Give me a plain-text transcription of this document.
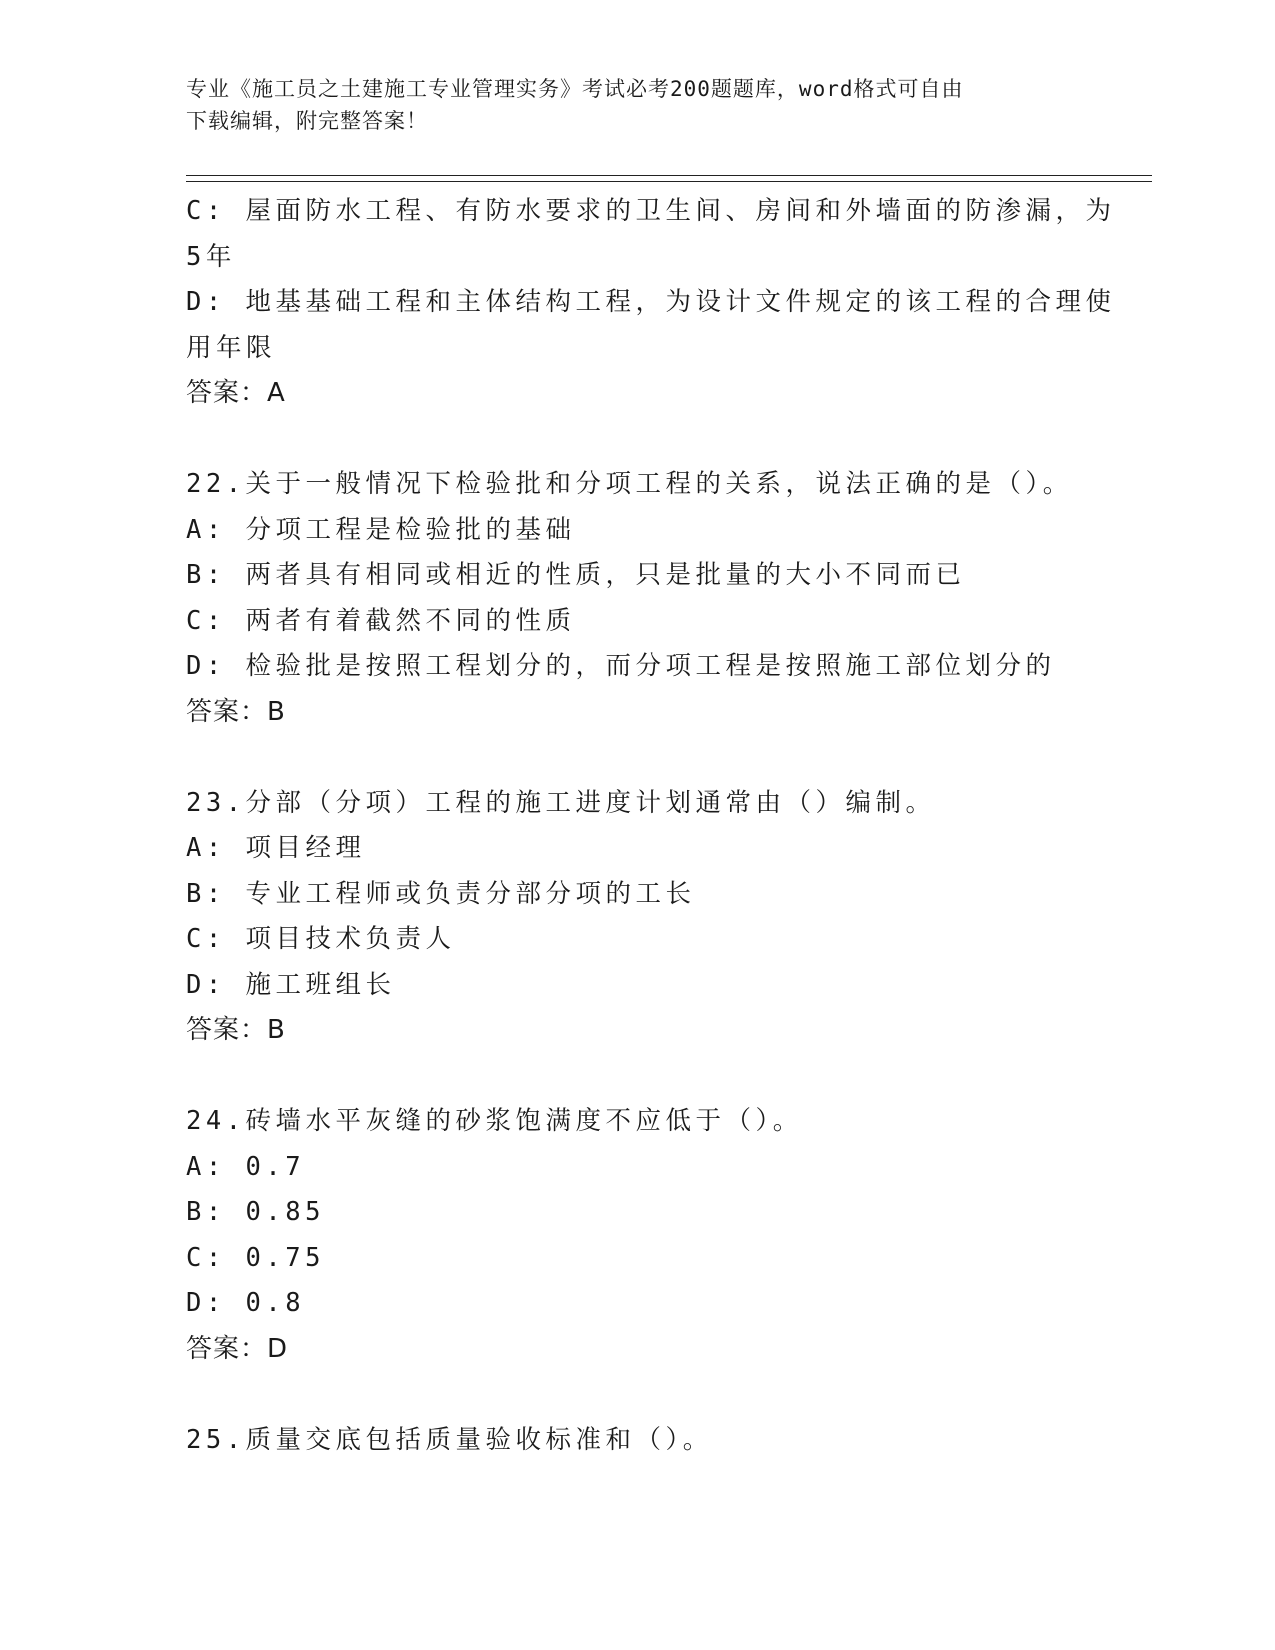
专业《施工员之土建施工专业管理实务》考试必考200题题库，word格式可自由
下载编辑，附完整答案！
C: 屋面防水工程、有防水要求的卫生间、房间和外墙面的防渗漏，为
5年
D: 地基基础工程和主体结构工程，为设计文件规定的该工程的合理使
用年限
答案：A
22.关于一般情况下检验批和分项工程的关系，说法正确的是（）。
A: 分项工程是检验批的基础
B: 两者具有相同或相近的性质，只是批量的大小不同而已
C: 两者有着截然不同的性质
D: 检验批是按照工程划分的，而分项工程是按照施工部位划分的
答案：B
23.分部（分项）工程的施工进度计划通常由（）编制。
A: 项目经理
B: 专业工程师或负责分部分项的工长
C: 项目技术负责人
D: 施工班组长
答案：B
24.砖墙水平灰缝的砂浆饱满度不应低于（）。
A: 0.7
B: 0.85
C: 0.75
D: 0.8
答案：D
25.质量交底包括质量验收标准和（）。
